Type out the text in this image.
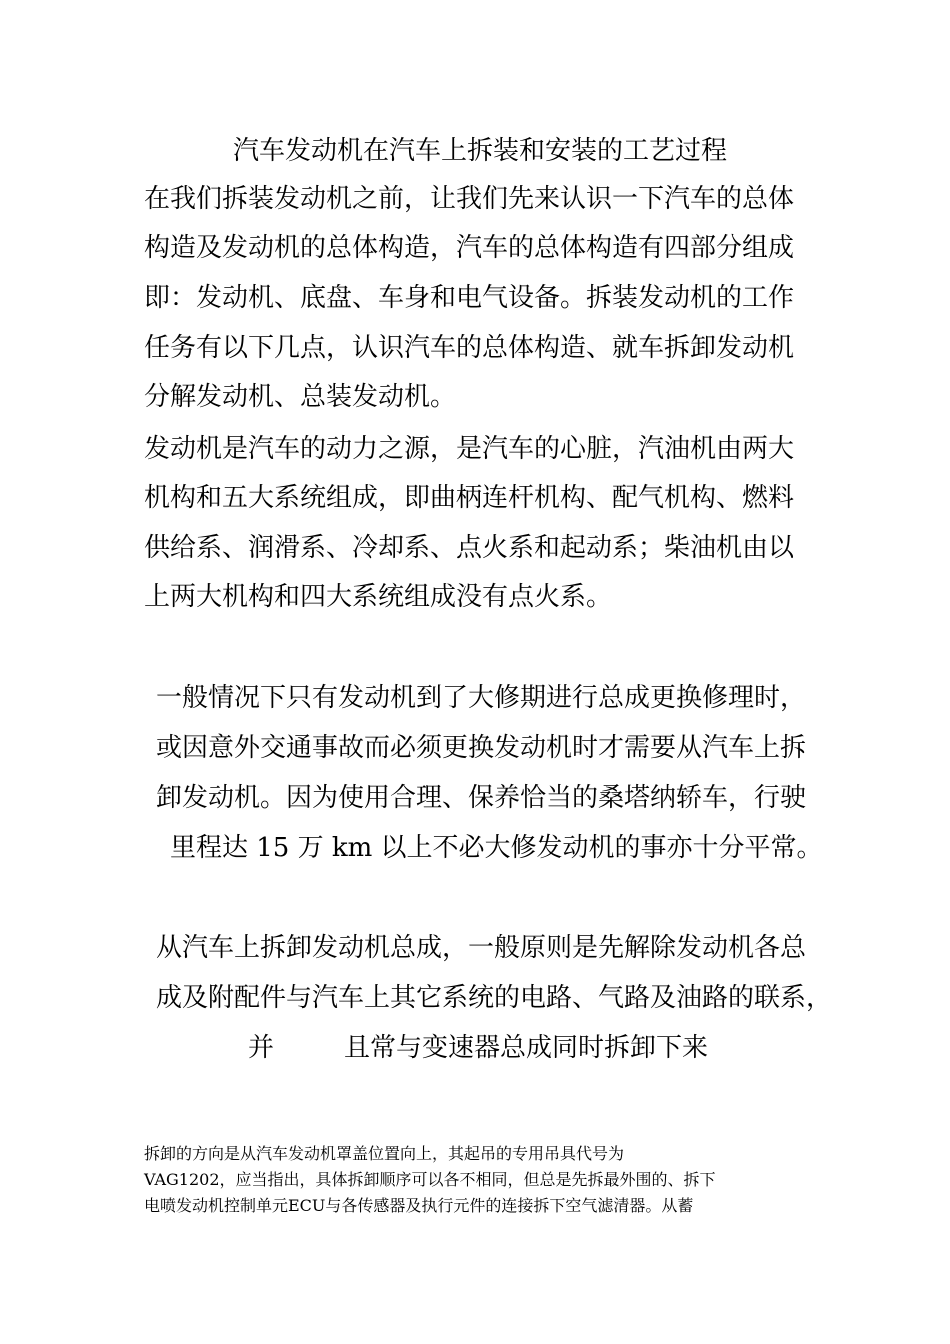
汽车发动机在汽车上拆装和安装的工艺过程
在我们拆装发动机之前，让我们先来认识一下汽车的总体
构造及发动机的总体构造，汽车的总体构造有四部分组成
即：发动机、底盘、车身和电气设备。拆装发动机的工作
任务有以下几点，认识汽车的总体构造、就车拆卸发动机
分解发动机、总装发动机。
发动机是汽车的动力之源，是汽车的心脏，汽油机由两大
机构和五大系统组成，即曲柄连杆机构、配气机构、燃料
供给系、润滑系、冷却系、点火系和起动系；柴油机由以
上两大机构和四大系统组成没有点火系。
一般情况下只有发动机到了大修期进行总成更换修理时，
或因意外交通事故而必须更换发动机时才需要从汽车上拆
卸发动机。因为使用合理、保养恰当的桑塔纳轿车，行驶
里程达 15 万 km 以上不必大修发动机的事亦十分平常。
从汽车上拆卸发动机总成，一般原则是先解除发动机各总
成及附配件与汽车上其它系统的电路、气路及油路的联系，
并	且常与变速器总成同时拆卸下来
拆卸的方向是从汽车发动机罩盖位置向上，其起吊的专用吊具代号为
VAG1202，应当指出，具体拆卸顺序可以各不相同，但总是先拆最外围的、拆下
电喷发动机控制单元ECU与各传感器及执行元件的连接拆下空气滤清器。从蓄
